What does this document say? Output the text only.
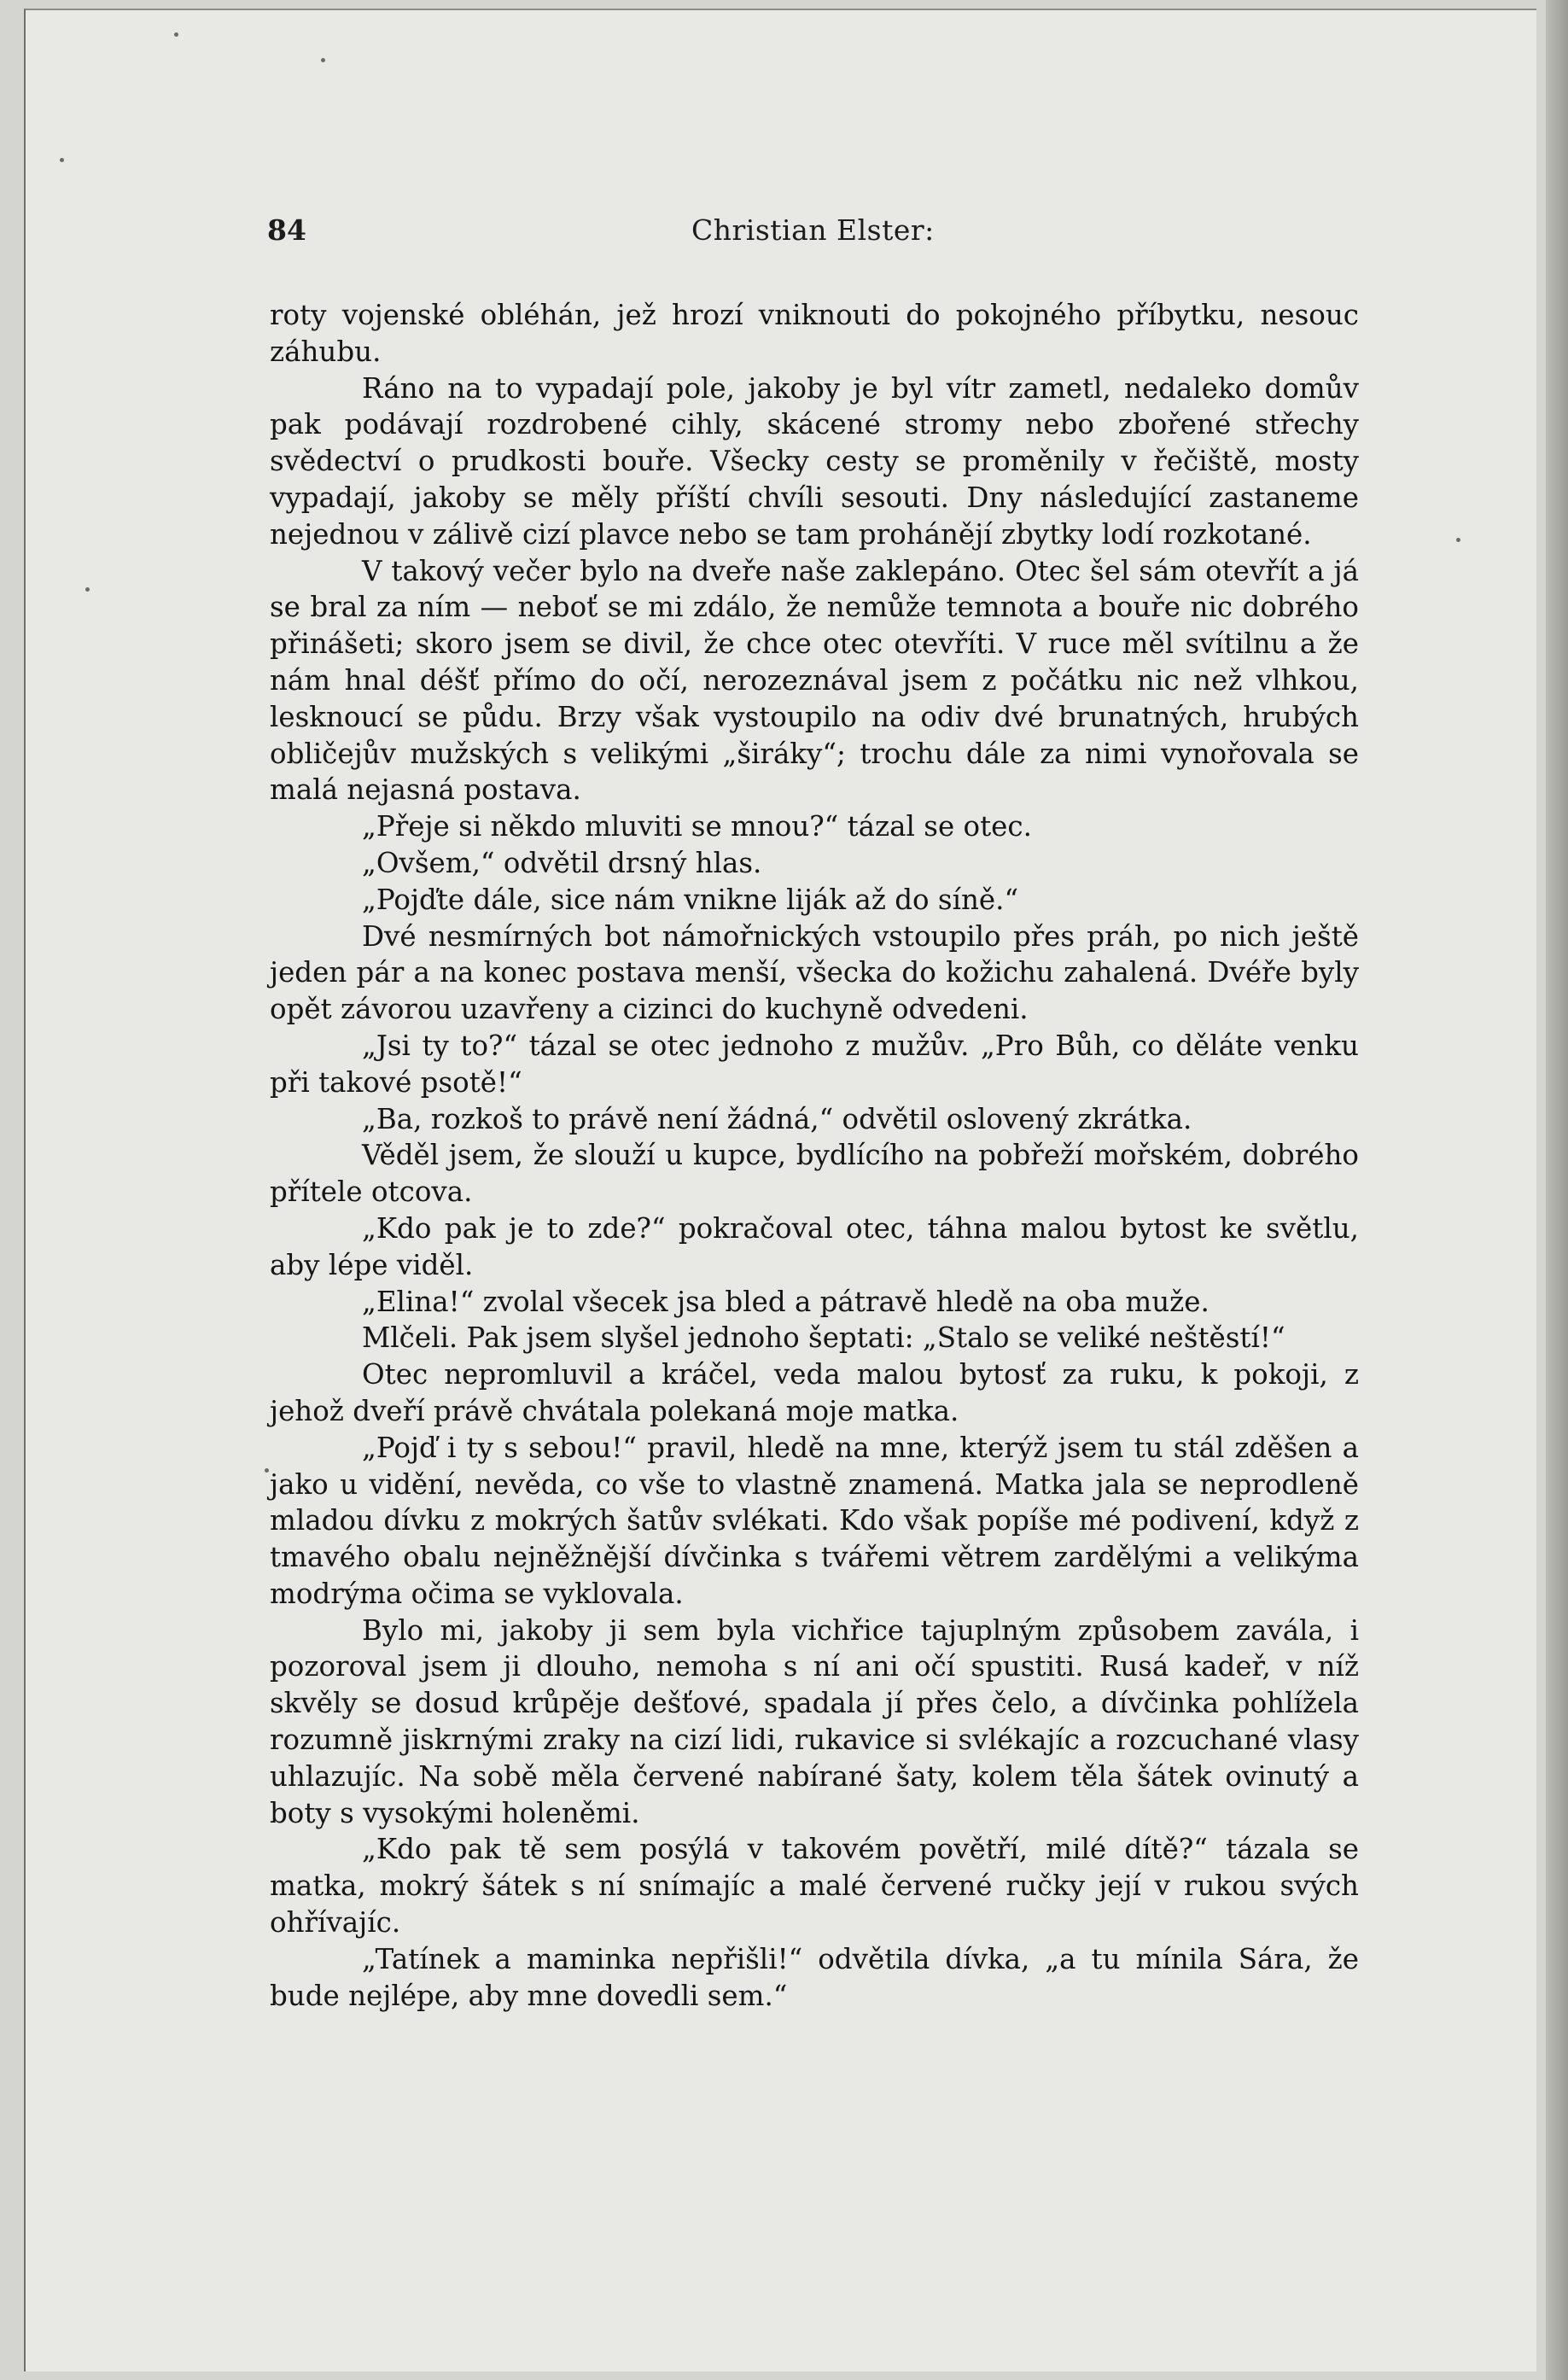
84	Christian Elster:

roty vojenské obléhán, jež hrozí vniknouti do pokojného příbytku, nesouc záhubu.

Ráno na to vypadají pole, jakoby je byl vítr zametl, nedaleko domův pak podávají rozdrobené cihly, skácené stromy nebo zbořené střechy svědectví o prudkosti bouře. Všecky cesty se proměnily v řečiště, mosty vypadají, jakoby se měly příští chvíli sesouti. Dny následující zastaneme nejednou v zálivě cizí plavce nebo se tam prohánějí zbytky lodí rozkotané.

V takový večer bylo na dveře naše zaklepáno. Otec šel sám otevřít a já se bral za ním — neboť se mi zdálo, že nemůže temnota a bouře nic dobrého přinášeti; skoro jsem se divil, že chce otec otevříti. V ruce měl svítilnu a že nám hnal déšť přímo do očí, nerozeznával jsem z počátku nic než vlhkou, lesknoucí se půdu. Brzy však vystoupilo na odiv dvé brunatných, hrubých obličejův mužských s velikými „širáky“; trochu dále za nimi vynořovala se malá nejasná postava.

„Přeje si někdo mluviti se mnou?“ tázal se otec.

„Ovšem,“ odvětil drsný hlas.

„Pojďte dále, sice nám vnikne liják až do síně.“

Dvé nesmírných bot námořnických vstoupilo přes práh, po nich ještě jeden pár a na konec postava menší, všecka do kožichu zahalená. Dvéře byly opět závorou uzavřeny a cizinci do kuchyně odvedeni.

„Jsi ty to?“ tázal se otec jednoho z mužův. „Pro Bůh, co děláte venku při takové psotě!“

„Ba, rozkoš to právě není žádná,“ odvětil oslovený zkrátka.

Věděl jsem, že slouží u kupce, bydlícího na pobřeží mořském, dobrého přítele otcova.

„Kdo pak je to zde?“ pokračoval otec, táhna malou bytost ke světlu, aby lépe viděl.

„Elina!“ zvolal všecek jsa bled a pátravě hledě na oba muže.

Mlčeli. Pak jsem slyšel jednoho šeptati: „Stalo se veliké neštěstí!“

Otec nepromluvil a kráčel, veda malou bytosť za ruku, k pokoji, z jehož dveří právě chvátala polekaná moje matka.

„Pojď i ty s sebou!“ pravil, hledě na mne, kterýž jsem tu stál zděšen a jako u vidění, nevěda, co vše to vlastně znamená. Matka jala se neprodleně mladou dívku z mokrých šatův svlékati. Kdo však popíše mé podivení, když z tmavého obalu nejněžnější dívčinka s tvářemi větrem zardělými a velikýma modrýma očima se vyklovala.

Bylo mi, jakoby ji sem byla vichřice tajuplným způsobem zavála, i pozoroval jsem ji dlouho, nemoha s ní ani očí spustiti. Rusá kadeř, v níž skvěly se dosud krůpěje dešťové, spadala jí přes čelo, a dívčinka pohlížela rozumně jiskrnými zraky na cizí lidi, rukavice si svlékajíc a rozcuchané vlasy uhlazujíc. Na sobě měla červené nabírané šaty, kolem těla šátek ovinutý a boty s vysokými holeněmi.

„Kdo pak tě sem posýlá v takovém povětří, milé dítě?“ tázala se matka, mokrý šátek s ní snímajíc a malé červené ručky její v rukou svých ohřívajíc.

„Tatínek a maminka nepřišli!“ odvětila dívka, „a tu mínila Sára, že bude nejlépe, aby mne dovedli sem.“
